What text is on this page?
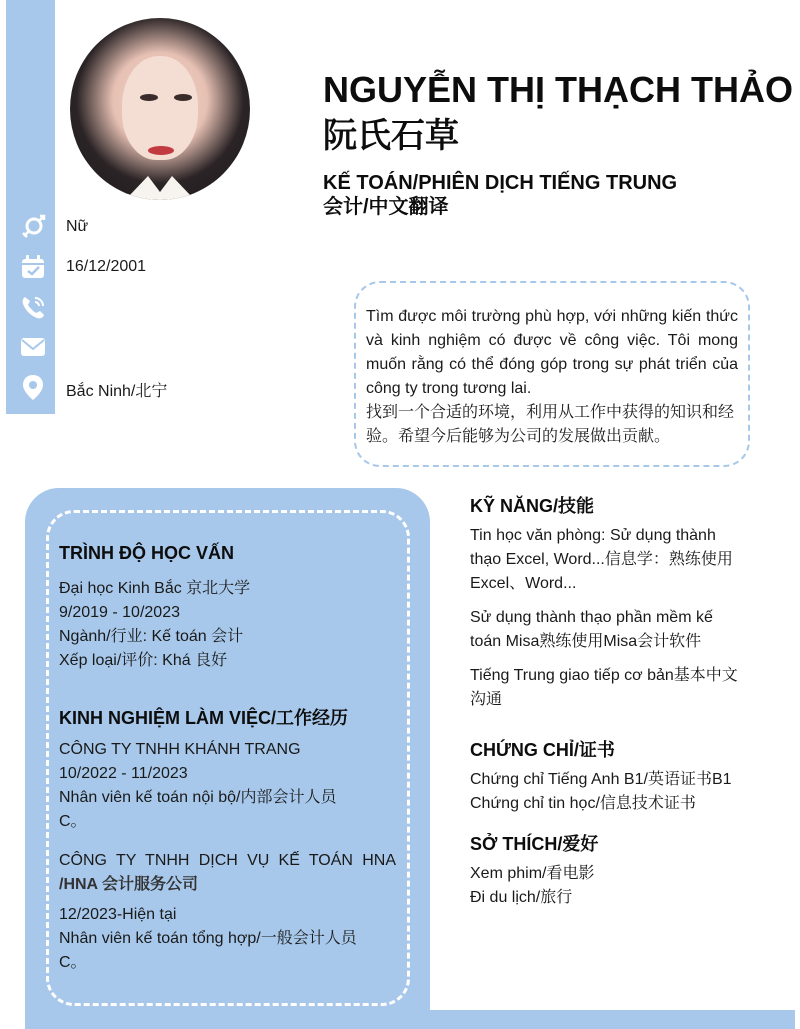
Nữ
16/12/2001
Bắc Ninh/北宁
NGUYỄN THỊ THẠCH THẢO
阮氏石草
KẾ TOÁN/PHIÊN DỊCH TIẾNG TRUNG
会计/中文翻译
Tìm được môi trường phù hợp, với những kiến thức và kinh nghiệm có được về công việc. Tôi mong muốn rằng có thể đóng góp trong sự phát triển của công ty trong tương lai.
找到一个合适的环境，利用从工作中获得的知识和经验。希望今后能够为公司的发展做出贡献。
TRÌNH ĐỘ HỌC VẤN
Đại học Kinh Bắc 京北大学
9/2019 - 10/2023
Ngành/行业: Kế toán 会计
Xếp loại/评价: Khá 良好
KINH NGHIỆM LÀM VIỆC/工作经历
CÔNG TY TNHH KHÁNH TRANG
10/2022 - 11/2023
Nhân viên kế toán nội bộ/内部会计人员
C。
CÔNG TY TNHH DỊCH VỤ KẾ TOÁN HNA
/HNA 会计服务公司
12/2023-Hiện tại
Nhân viên kế toán tổng hợp/一般会计人员
C。
KỸ NĂNG/技能
Tin học văn phòng: Sử dụng thành
thạo Excel, Word...信息学：熟练使用
Excel、Word...
Sử dụng thành thạo phần mềm kế
toán Misa熟练使用Misa会计软件
Tiếng Trung giao tiếp cơ bản基本中文
沟通
CHỨNG CHỈ/证书
Chứng chỉ Tiếng Anh B1/英语证书B1
Chứng chỉ tin học/信息技术证书
SỞ THÍCH/爱好
Xem phim/看电影
Đi du lịch/旅行
